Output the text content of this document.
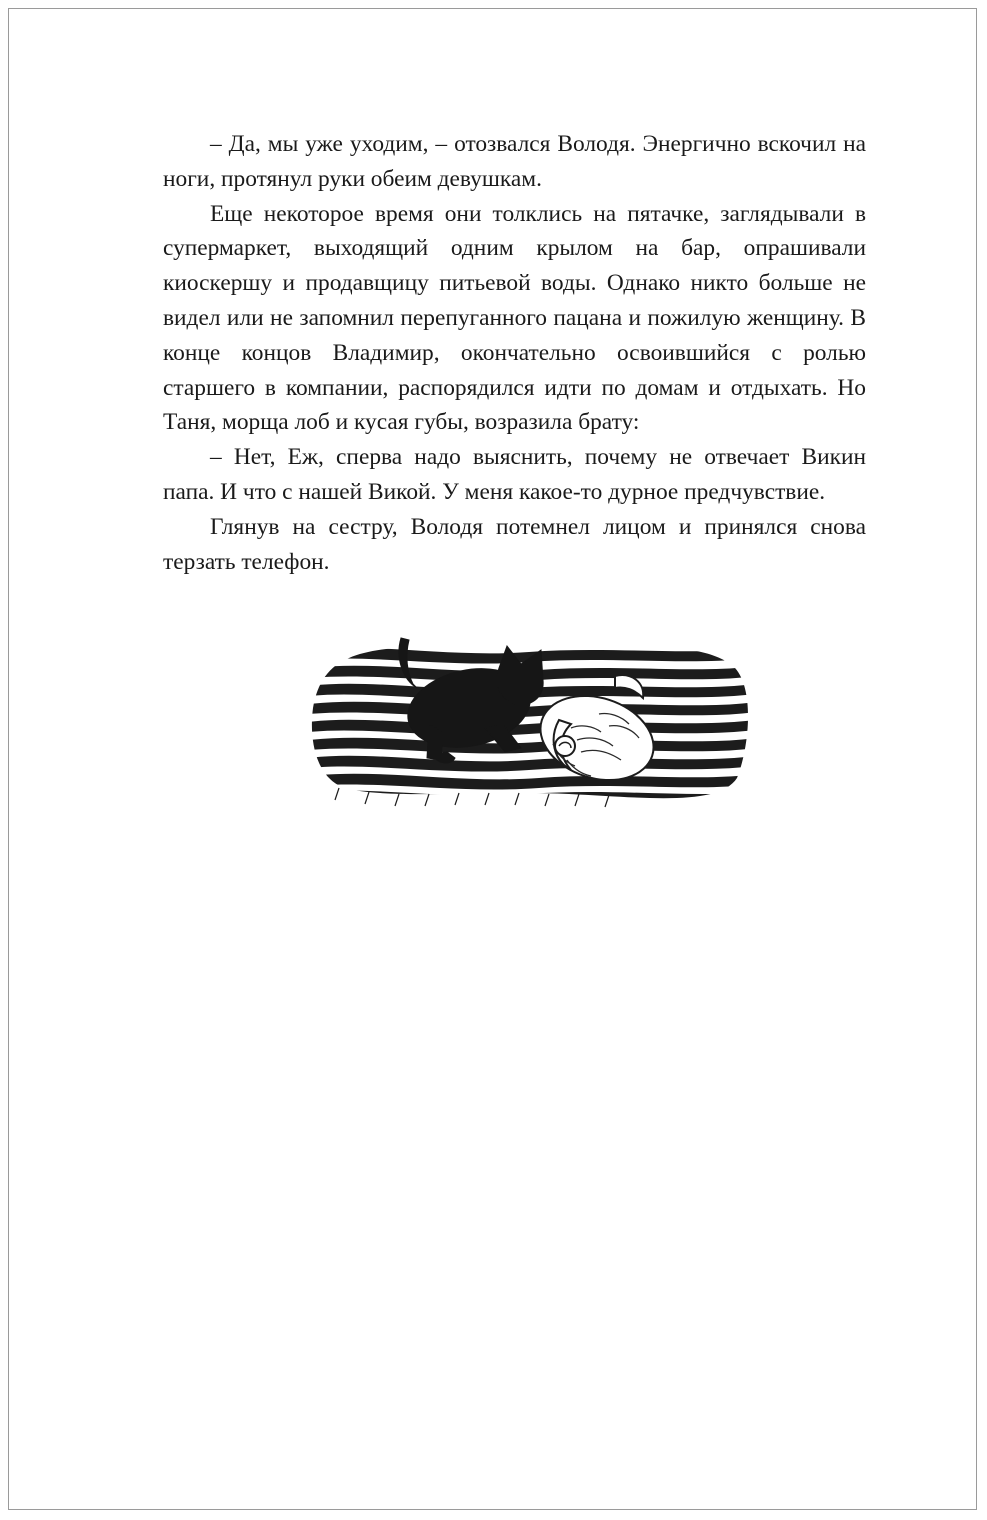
– Да, мы уже уходим, – отозвался Володя. Энергично вскочил на ноги, протянул руки обеим девушкам.

Еще некоторое время они толклись на пятачке, заглядывали в супермаркет, выходящий одним крылом на бар, опрашивали киоскершу и продавщицу питьевой воды. Однако никто больше не видел или не запомнил перепуганного пацана и пожилую женщину. В конце концов Владимир, окончательно освоившийся с ролью старшего в компании, распорядился идти по домам и отдыхать. Но Таня, морща лоб и кусая губы, возразила брату:

– Нет, Еж, сперва надо выяснить, почему не отвечает Викин папа. И что с нашей Викой. У меня какое-то дурное предчувствие.

Глянув на сестру, Володя потемнел лицом и принялся снова терзать телефон.
